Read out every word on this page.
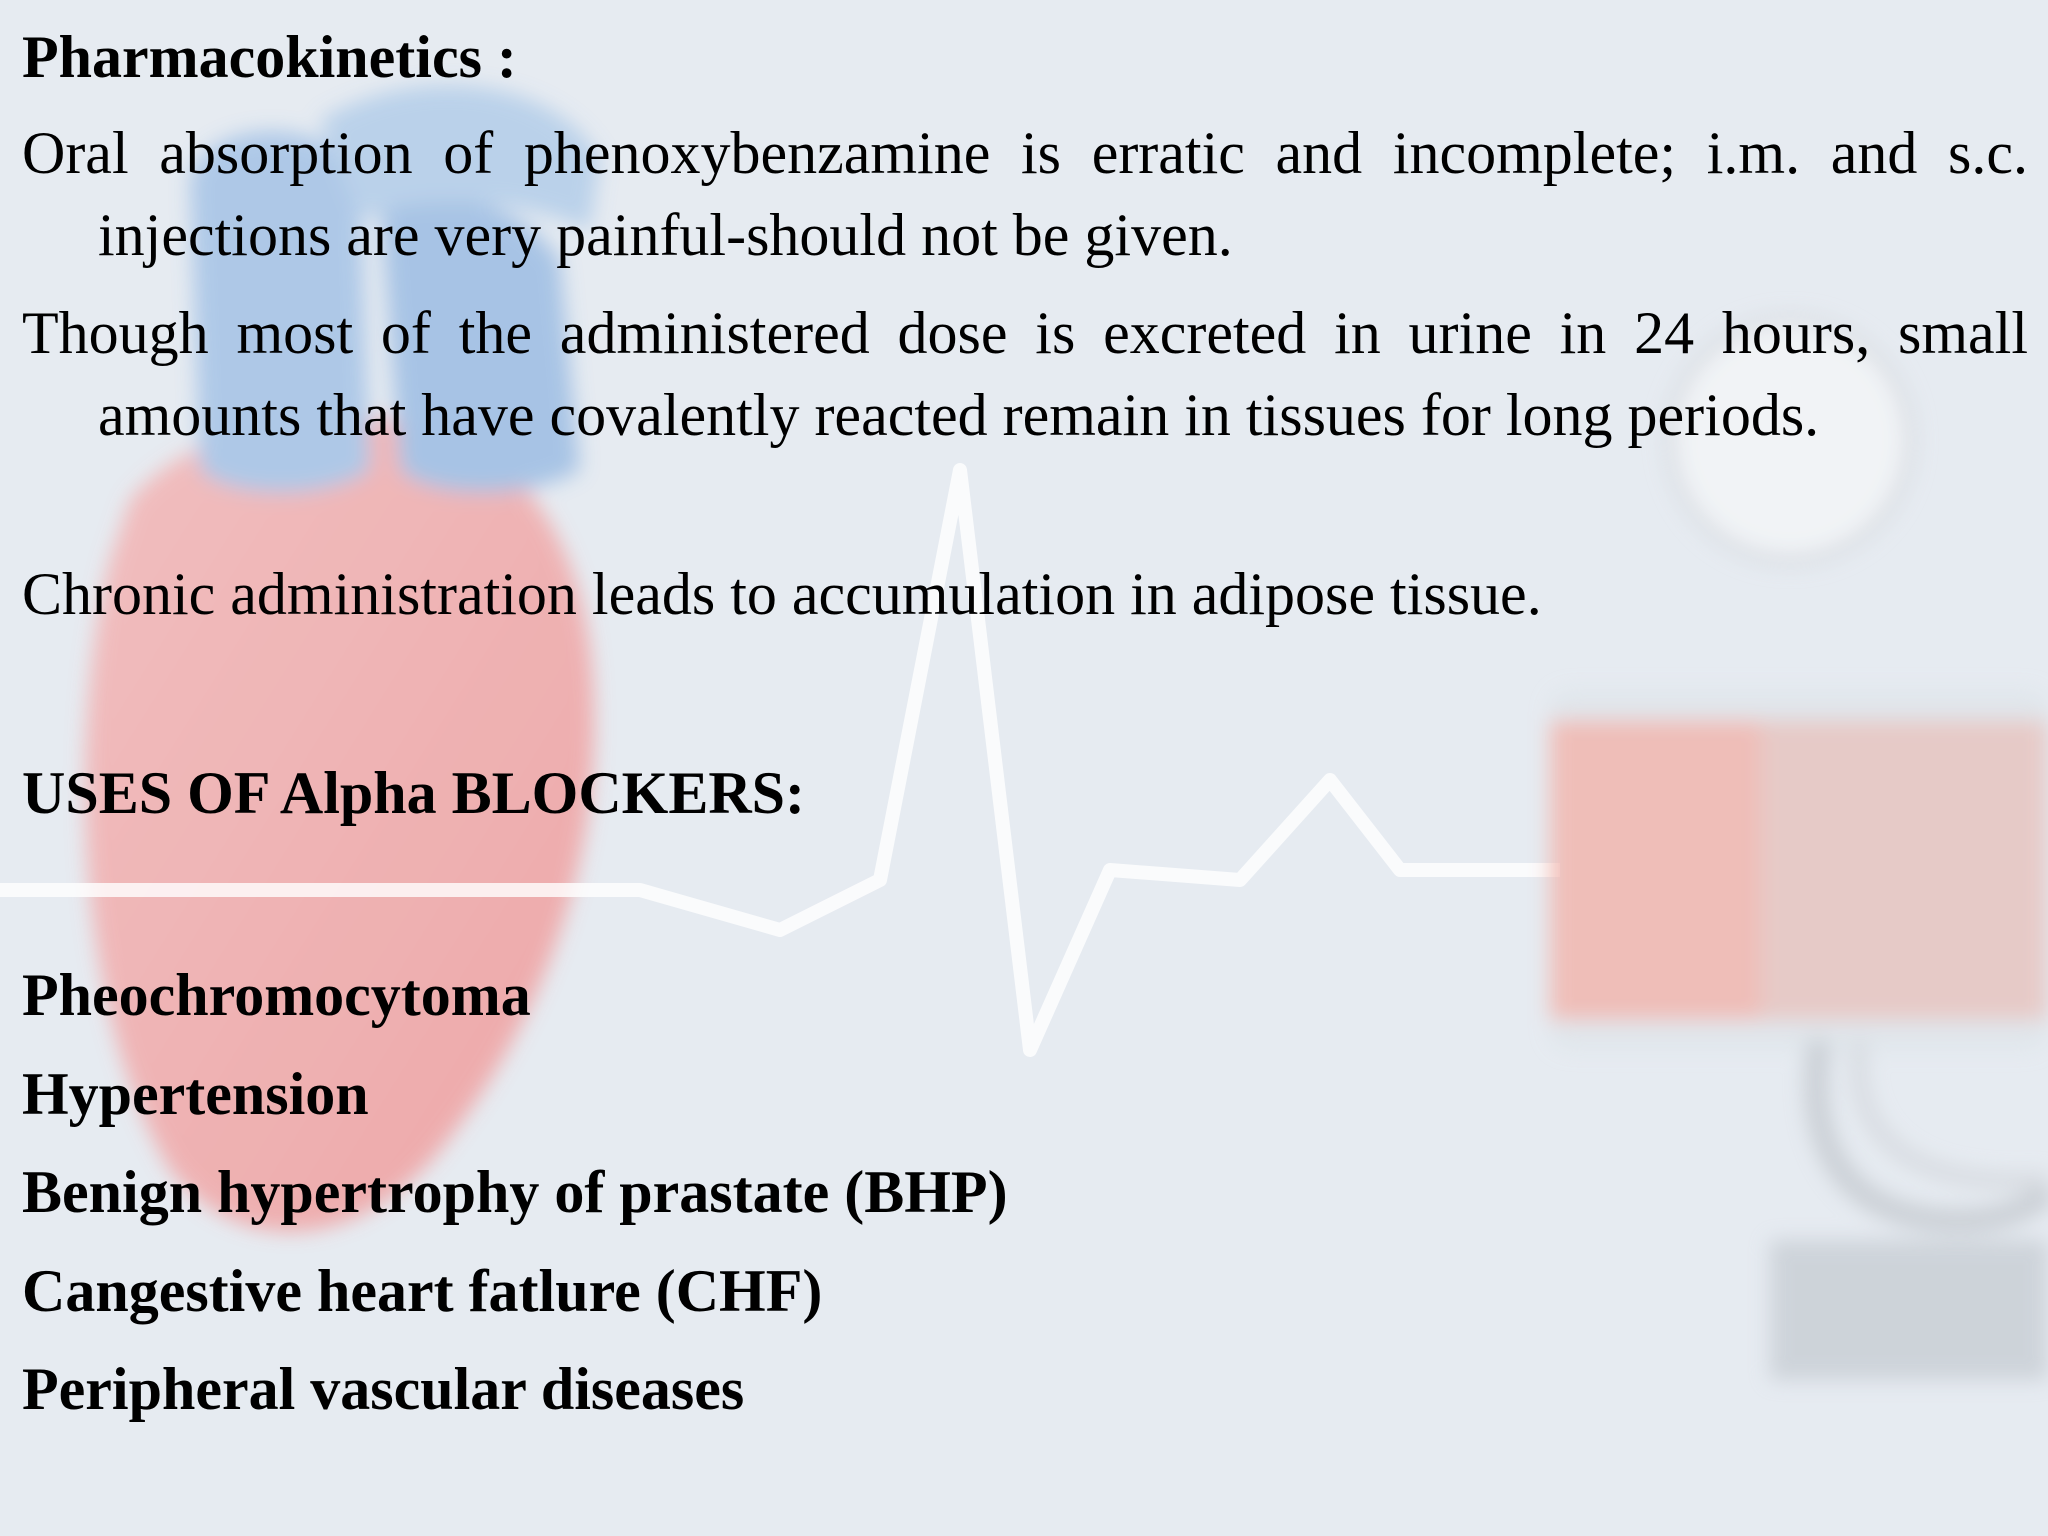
Pharmacokinetics :

Oral absorption of phenoxybenzamine is erratic and incomplete; i.m. and s.c. injections are very painful-should not be given.

Though most of the administered dose is excreted in urine in 24 hours, small amounts that have covalently reacted remain in tissues for long periods.

Chronic administration leads to accumulation in adipose tissue.

USES OF Alpha BLOCKERS:
Pheochromocytoma
Hypertension
Benign hypertrophy of prastate (BHP)
Cangestive heart fatlure (CHF)
Peripheral vascular diseases
